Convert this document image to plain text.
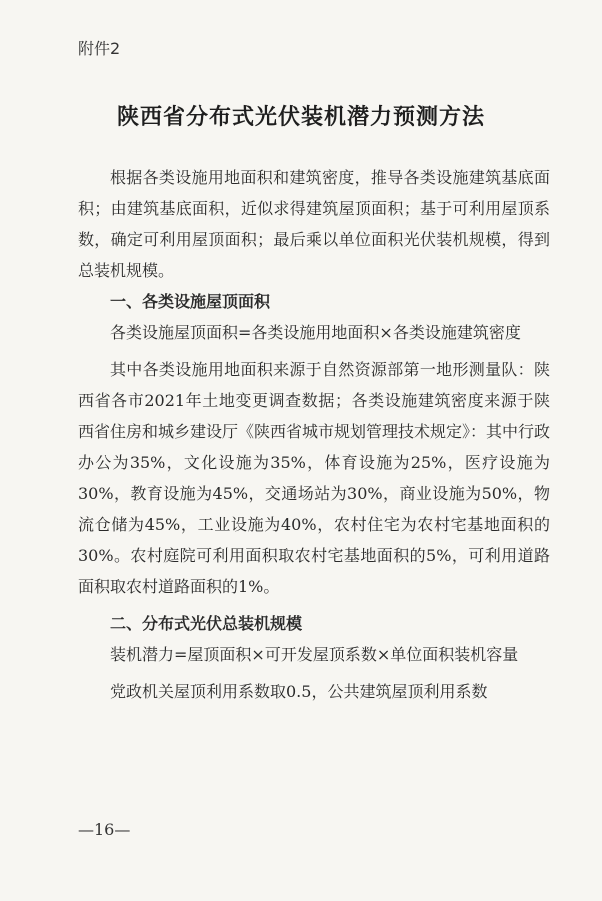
附件2
陕西省分布式光伏装机潜力预测方法

根据各类设施用地面积和建筑密度，推导各类设施建筑基底面积；由建筑基底面积，近似求得建筑屋顶面积；基于可利用屋顶系数，确定可利用屋顶面积；最后乘以单位面积光伏装机规模，得到总装机规模。

一、各类设施屋顶面积

各类设施屋顶面积=各类设施用地面积×各类设施建筑密度

其中各类设施用地面积来源于自然资源部第一地形测量队：陕西省各市2021年土地变更调查数据；各类设施建筑密度来源于陕西省住房和城乡建设厅《陕西省城市规划管理技术规定》：其中行政办公为35%，文化设施为35%，体育设施为25%，医疗设施为30%，教育设施为45%，交通场站为30%，商业设施为50%，物流仓储为45%，工业设施为40%，农村住宅为农村宅基地面积的30%。农村庭院可利用面积取农村宅基地面积的5%，可利用道路面积取农村道路面积的1%。

二、分布式光伏总装机规模

装机潜力=屋顶面积×可开发屋顶系数×单位面积装机容量

党政机关屋顶利用系数取0.5，公共建筑屋顶利用系数

—16—
